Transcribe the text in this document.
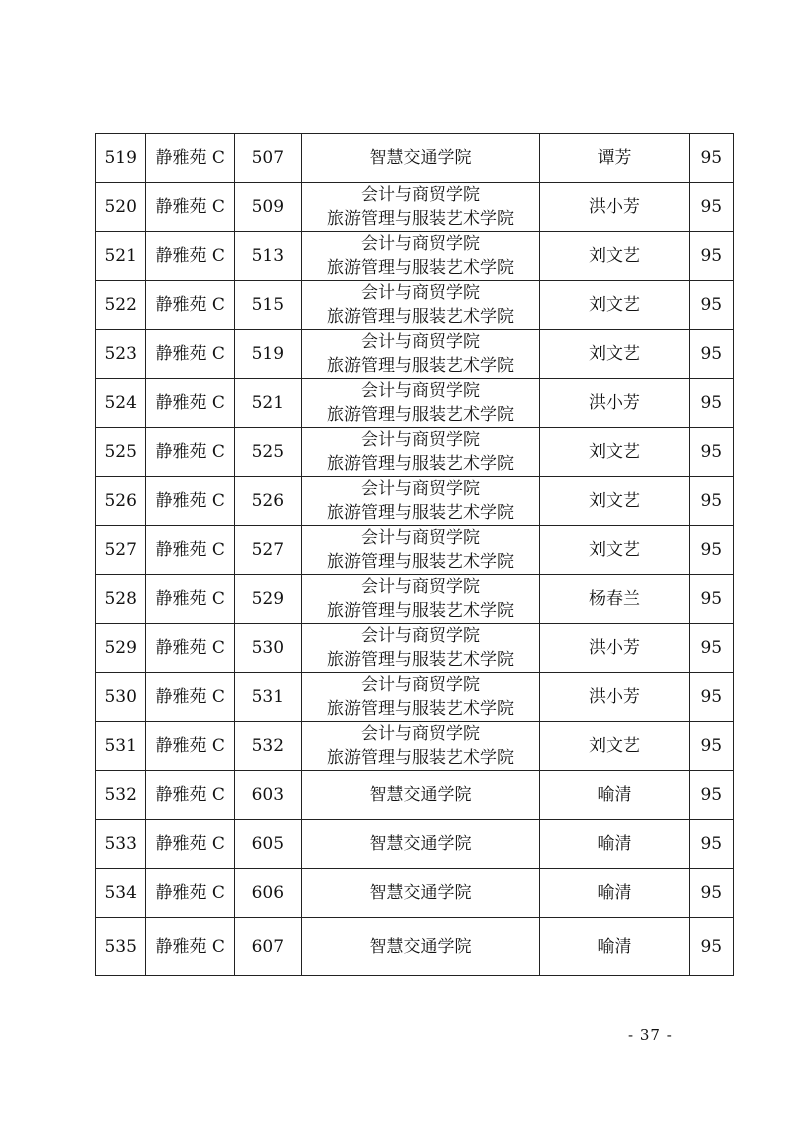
519	静雅苑 C	507	智慧交通学院	谭芳	95
520	静雅苑 C	509	会计与商贸学院
旅游管理与服装艺术学院	洪小芳	95
521	静雅苑 C	513	会计与商贸学院
旅游管理与服装艺术学院	刘文艺	95
522	静雅苑 C	515	会计与商贸学院
旅游管理与服装艺术学院	刘文艺	95
523	静雅苑 C	519	会计与商贸学院
旅游管理与服装艺术学院	刘文艺	95
524	静雅苑 C	521	会计与商贸学院
旅游管理与服装艺术学院	洪小芳	95
525	静雅苑 C	525	会计与商贸学院
旅游管理与服装艺术学院	刘文艺	95
526	静雅苑 C	526	会计与商贸学院
旅游管理与服装艺术学院	刘文艺	95
527	静雅苑 C	527	会计与商贸学院
旅游管理与服装艺术学院	刘文艺	95
528	静雅苑 C	529	会计与商贸学院
旅游管理与服装艺术学院	杨春兰	95
529	静雅苑 C	530	会计与商贸学院
旅游管理与服装艺术学院	洪小芳	95
530	静雅苑 C	531	会计与商贸学院
旅游管理与服装艺术学院	洪小芳	95
531	静雅苑 C	532	会计与商贸学院
旅游管理与服装艺术学院	刘文艺	95
532	静雅苑 C	603	智慧交通学院	喻清	95
533	静雅苑 C	605	智慧交通学院	喻清	95
534	静雅苑 C	606	智慧交通学院	喻清	95
535	静雅苑 C	607	智慧交通学院	喻清	95
- 37 -
